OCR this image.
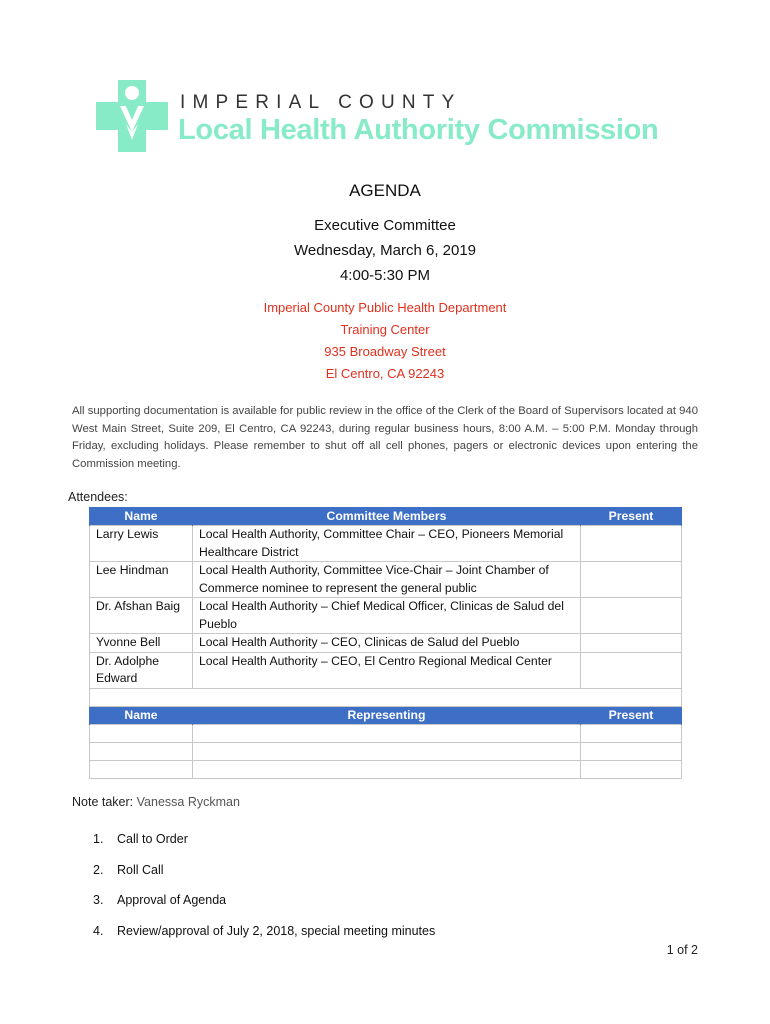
IMPERIAL COUNTY
Local Health Authority Commission
AGENDA
Executive Committee
Wednesday, March 6, 2019
4:00-5:30 PM
Imperial County Public Health Department
Training Center
935 Broadway Street
El Centro, CA 92243
All supporting documentation is available for public review in the office of the Clerk of the Board of Supervisors located at 940 West Main Street, Suite 209, El Centro, CA 92243, during regular business hours, 8:00 A.M. – 5:00 P.M. Monday through Friday, excluding holidays. Please remember to shut off all cell phones, pagers or electronic devices upon entering the Commission meeting.
Attendees:
Name	Committee Members	Present
Larry Lewis	Local Health Authority, Committee Chair – CEO, Pioneers Memorial Healthcare District	
Lee Hindman	Local Health Authority, Committee Vice-Chair – Joint Chamber of Commerce nominee to represent the general public	
Dr. Afshan Baig	Local Health Authority – Chief Medical Officer, Clinicas de Salud del Pueblo	
Yvonne Bell	Local Health Authority – CEO, Clinicas de Salud del Pueblo	
Dr. Adolphe Edward	Local Health Authority – CEO, El Centro Regional Medical Center	

Name	Representing	Present

Note taker: Vanessa Ryckman
1. Call to Order
2. Roll Call
3. Approval of Agenda
4. Review/approval of July 2, 2018, special meeting minutes
1 of 2
